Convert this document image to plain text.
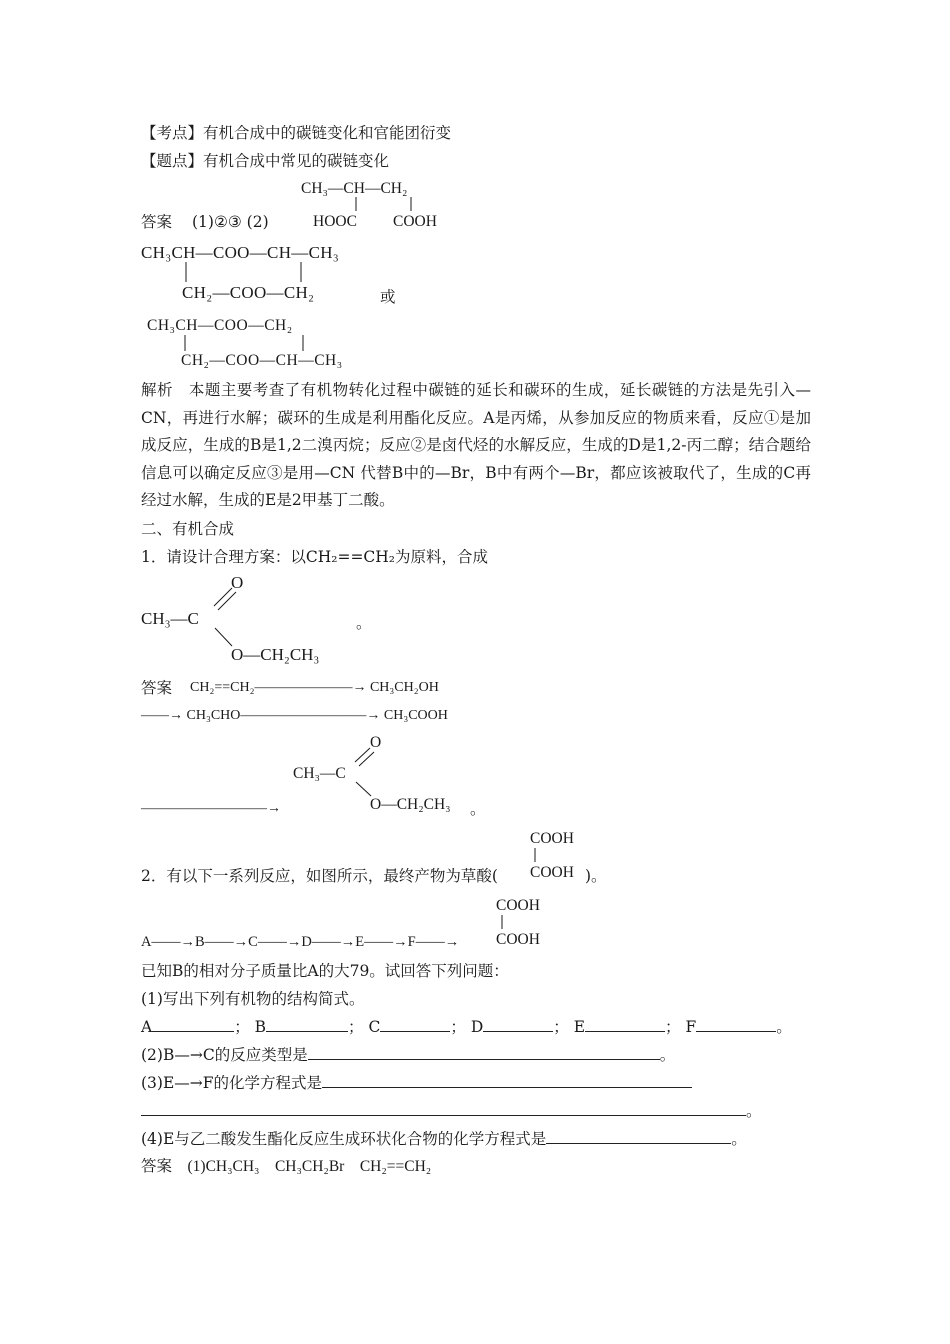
【考点】有机合成中的碳链变化和官能团衍变
【题点】有机合成中常见的碳链变化
答案 (1)②③ (2)
CH₃—CH—CH₂
HOOC COOH
CH₃CH—COO—CH—CH₃
CH₂—COO—CH₂	或
CH₃CH—COO—CH₂
CH₂—COO—CH—CH₃
解析　 本题主要考查了有机物转化过程中碳链的延长和碳环的生成，延长碳链的方法是先引入—CN，再进行水解；碳环的生成是利用酯化反应。A是丙烯，从参加反应的物质来看，反应①是加成反应，生成的B是1,2二溴丙烷；反应②是卤代烃的水解反应，生成的D是1,2-丙二醇；结合题给信息可以确定反应③是用—CN 代替B中的—Br，B中有两个—Br，都应该被取代了，生成的C再经过水解，生成的E是2甲基丁二酸。
二、有机合成
1．请设计合理方案：以CH₂==CH₂为原料，合成
CH₃—C
O
O—CH₂CH₃
。
答案 CH₂==CH₂———————→ CH₃CH₂OH
——→ CH₃CHO—————————→ CH₃COOH
—————————→
CH₃—C
O
O—CH₂CH₃ 。
COOH
2．有以下一系列反应，如图所示，最终产物为草酸( COOH )。
COOH
A——→B——→C——→D——→E——→F——→ COOH
已知B的相对分子质量比A的大79。试回答下列问题：
(1)写出下列有机物的结构简式。
A	； B	； C	； D	； E	； F	。
(2)B—→C的反应类型是	。
(3)E—→F的化学方程式是
。
(4)E与乙二酸发生酯化反应生成环状化合物的化学方程式是	。
答案　(1)CH₃CH₃　CH₃CH₂Br　CH₂==CH₂
